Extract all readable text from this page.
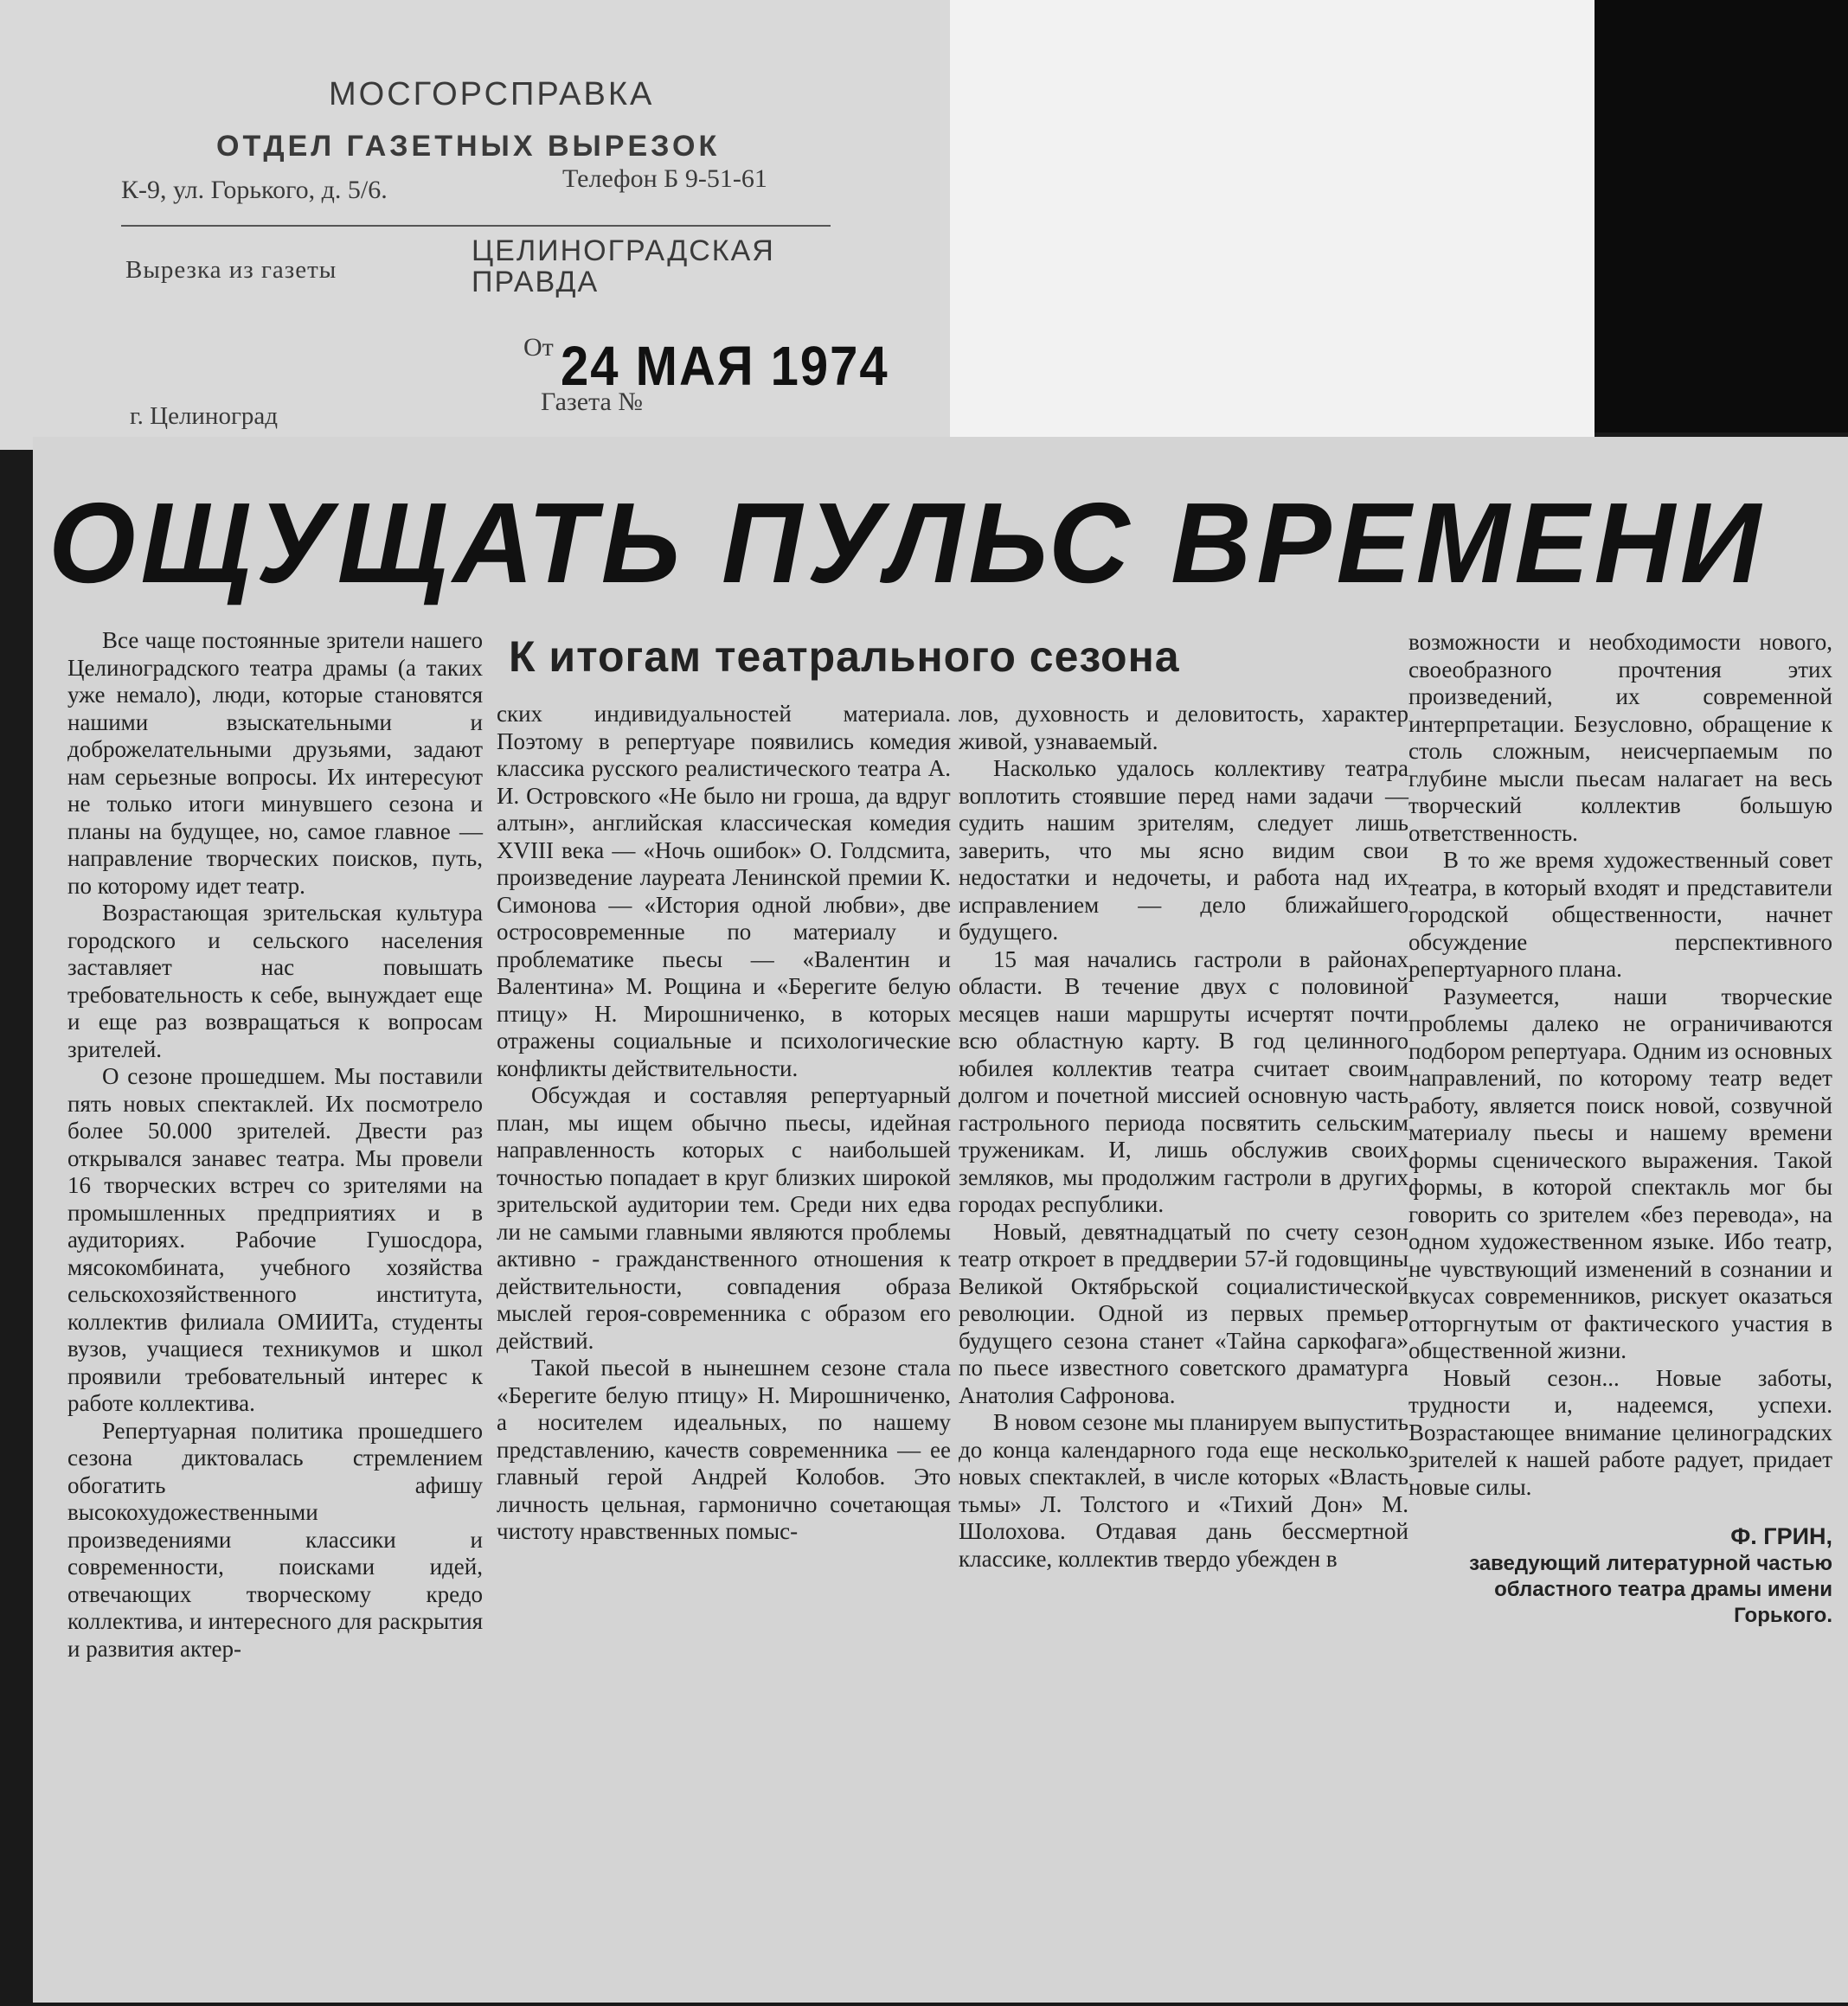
МОСГОРСПРАВКА
ОТДЕЛ ГАЗЕТНЫХ ВЫРЕЗОК
К-9, ул. Горького, д. 5/6.	Телефон Б 9-51-61
Вырезка из газеты
ЦЕЛИНОГРАДСКАЯ ПРАВДА
От 24 МАЯ 1974
г. Целиноград	Газета №
ОЩУЩАТЬ ПУЛЬС ВРЕМЕНИ
К итогам театрального сезона

Все чаще постоянные зрители нашего Целиноградского театра драмы (а таких уже немало), люди, которые становятся нашими взыскательными и доброжелательными друзьями, задают нам серьезные вопросы. Их интересуют не только итоги минувшего сезона и планы на будущее, но, самое главное — направление творческих поисков, путь, по которому идет театр.

Возрастающая зрительская культура городского и сельского населения заставляет нас повышать требовательность к себе, вынуждает еще и еще раз возвращаться к вопросам зрителей.

О сезоне прошедшем. Мы поставили пять новых спектаклей. Их посмотрело более 50.000 зрителей. Двести раз открывался занавес театра. Мы провели 16 творческих встреч со зрителями на промышленных предприятиях и в аудиториях. Рабочие Гушосдора, мясокомбината, учебного хозяйства сельскохозяйственного института, коллектив филиала ОМИИТа, студенты вузов, учащиеся техникумов и школ проявили требовательный интерес к работе коллектива.

Репертуарная политика прошедшего сезона диктовалась стремлением обогатить афишу высокохудожественными произведениями классики и современности, поисками идей, отвечающих творческому кредо коллектива, и интересного для раскрытия и развития актер-

ских индивидуальностей материала. Поэтому в репертуаре появились комедия классика русского реалистического театра А. И. Островского «Не было ни гроша, да вдруг алтын», английская классическая комедия XVIII века — «Ночь ошибок» О. Голдсмита, произведение лауреата Ленинской премии К. Симонова — «История одной любви», две остросовременные по материалу и проблематике пьесы — «Валентин и Валентина» М. Рощина и «Берегите белую птицу» Н. Мирошниченко, в которых отражены социальные и психологические конфликты действительности.

Обсуждая и составляя репертуарный план, мы ищем обычно пьесы, идейная направленность которых с наибольшей точностью попадает в круг близких широкой зрительской аудитории тем. Среди них едва ли не самыми главными являются проблемы активно - гражданственного отношения к действительности, совпадения образа мыслей героя-современника с образом его действий.

Такой пьесой в нынешнем сезоне стала «Берегите белую птицу» Н. Мирошниченко, а носителем идеальных, по нашему представлению, качеств современника — ее главный герой Андрей Колобов. Это личность цельная, гармонично сочетающая чистоту нравственных помыс-

лов, духовность и деловитость, характер живой, узнаваемый.

Насколько удалось коллективу театра воплотить стоявшие перед нами задачи — судить нашим зрителям, следует лишь заверить, что мы ясно видим свои недостатки и недочеты, и работа над их исправлением — дело ближайшего будущего.

15 мая начались гастроли в районах области. В течение двух с половиной месяцев наши маршруты исчертят почти всю областную карту. В год целинного юбилея коллектив театра считает своим долгом и почетной миссией основную часть гастрольного периода посвятить сельским труженикам. И, лишь обслужив своих земляков, мы продолжим гастроли в других городах республики.

Новый, девятнадцатый по счету сезон театр откроет в преддверии 57-й годовщины Великой Октябрьской социалистической революции. Одной из первых премьер будущего сезона станет «Тайна саркофага» по пьесе известного советского драматурга Анатолия Сафронова.

В новом сезоне мы планируем выпустить до конца календарного года еще несколько новых спектаклей, в числе которых «Власть тьмы» Л. Толстого и «Тихий Дон» М. Шолохова. Отдавая дань бессмертной классике, коллектив твердо убежден в

возможности и необходимости нового, своеобразного прочтения этих произведений, их современной интерпретации. Безусловно, обращение к столь сложным, неисчерпаемым по глубине мысли пьесам налагает на весь творческий коллектив большую ответственность.

В то же время художественный совет театра, в который входят и представители городской общественности, начнет обсуждение перспективного репертуарного плана.

Разумеется, наши творческие проблемы далеко не ограничиваются подбором репертуара. Одним из основных направлений, по которому театр ведет работу, является поиск новой, созвучной материалу пьесы и нашему времени формы сценического выражения. Такой формы, в которой спектакль мог бы говорить со зрителем «без перевода», на одном художественном языке. Ибо театр, не чувствующий изменений в сознании и вкусах современников, рискует оказаться отторгнутым от фактического участия в общественной жизни.

Новый сезон... Новые заботы, трудности и, надеемся, успехи. Возрастающее внимание целиноградских зрителей к нашей работе радует, придает новые силы.

Ф. ГРИН,
заведующий литературной частью областного театра драмы имени Горького.
